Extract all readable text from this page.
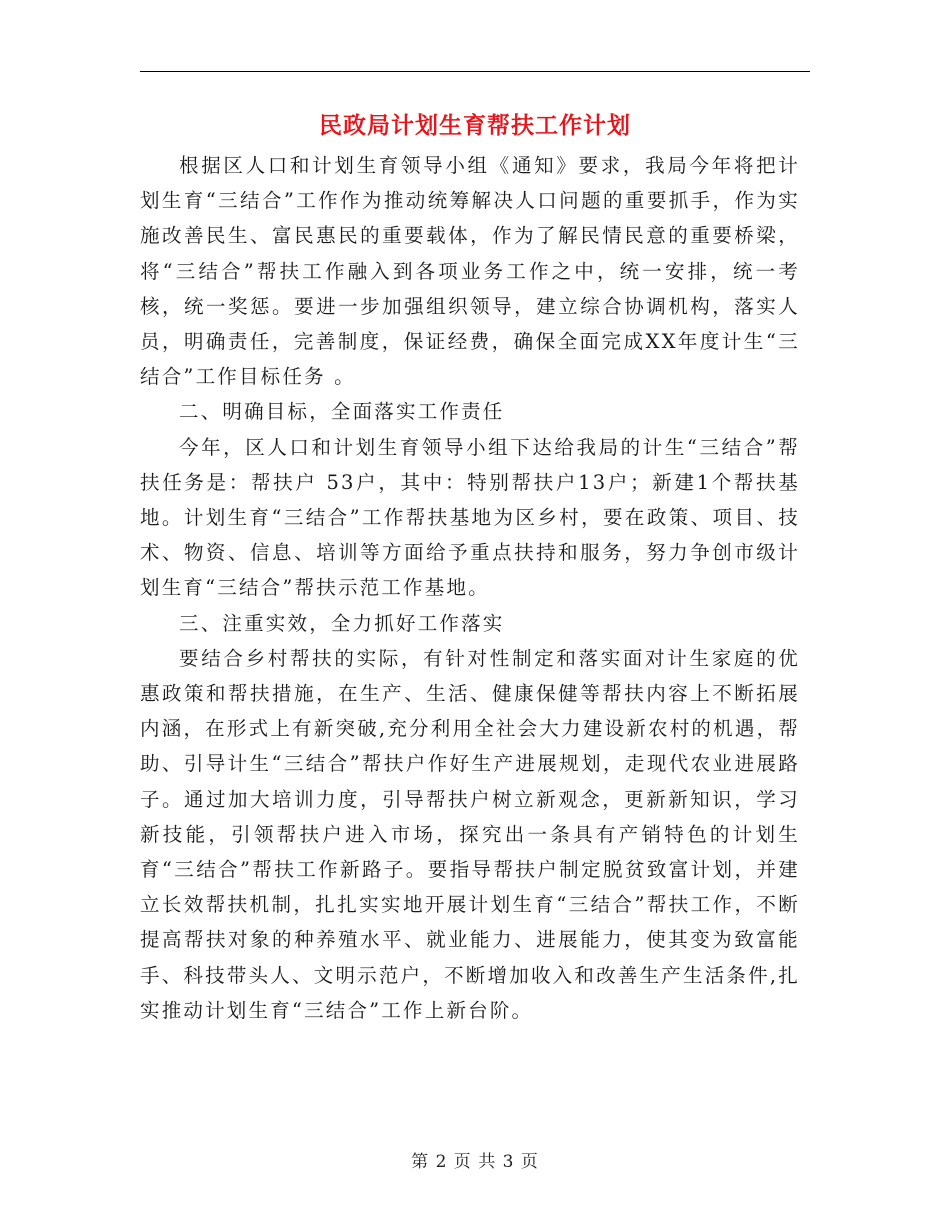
民政局计划生育帮扶工作计划

根据区人口和计划生育领导小组《通知》要求，我局今年将把计划生育“三结合”工作作为推动统筹解决人口问题的重要抓手，作为实施改善民生、富民惠民的重要载体，作为了解民情民意的重要桥梁，将“三结合”帮扶工作融入到各项业务工作之中，统一安排，统一考核，统一奖惩。要进一步加强组织领导，建立综合协调机构，落实人员，明确责任，完善制度，保证经费，确保全面完成XX年度计生“三结合”工作目标任务 。

二、明确目标，全面落实工作责任

今年，区人口和计划生育领导小组下达给我局的计生“三结合”帮扶任务是：帮扶户 53户，其中：特别帮扶户13户；新建1个帮扶基地。计划生育“三结合”工作帮扶基地为区乡村，要在政策、项目、技术、物资、信息、培训等方面给予重点扶持和服务，努力争创市级计划生育“三结合”帮扶示范工作基地。

三、注重实效，全力抓好工作落实

要结合乡村帮扶的实际，有针对性制定和落实面对计生家庭的优惠政策和帮扶措施，在生产、生活、健康保健等帮扶内容上不断拓展内涵，在形式上有新突破,充分利用全社会大力建设新农村的机遇，帮助、引导计生“三结合”帮扶户作好生产进展规划，走现代农业进展路子。通过加大培训力度，引导帮扶户树立新观念，更新新知识，学习新技能，引领帮扶户进入市场，探究出一条具有产销特色的计划生育“三结合”帮扶工作新路子。要指导帮扶户制定脱贫致富计划，并建立长效帮扶机制，扎扎实实地开展计划生育“三结合”帮扶工作，不断提高帮扶对象的种养殖水平、就业能力、进展能力，使其变为致富能手、科技带头人、文明示范户，不断增加收入和改善生产生活条件,扎实推动计划生育“三结合”工作上新台阶。

第 2 页 共 3 页
